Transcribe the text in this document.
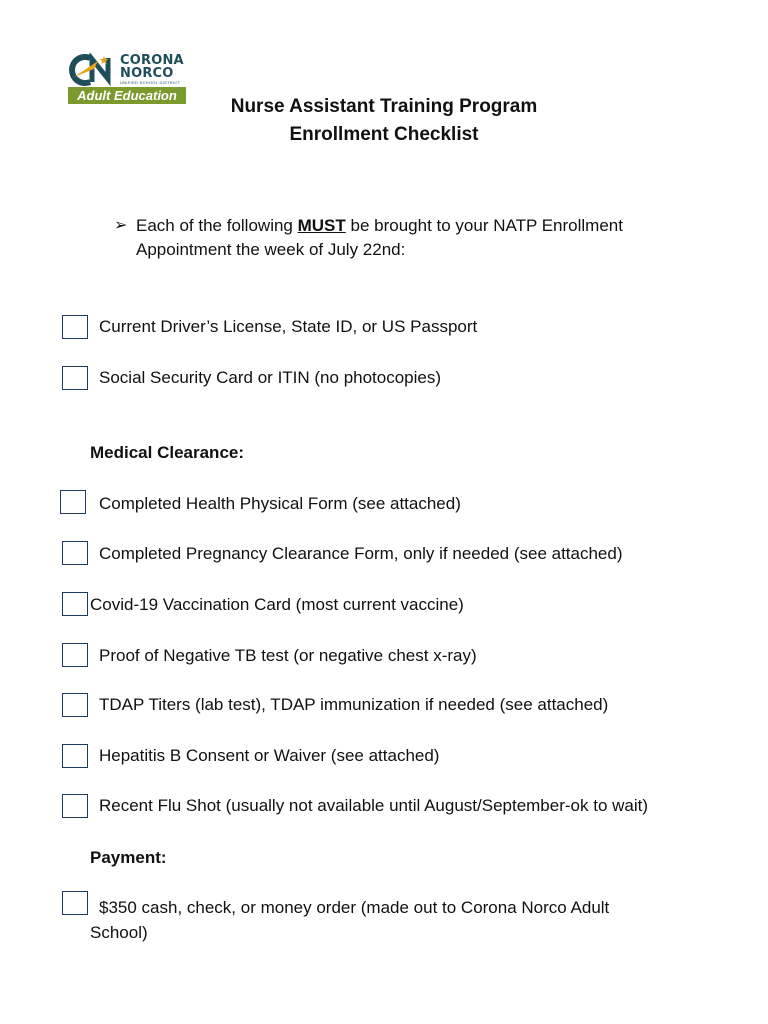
CORONA
NORCO
UNIFIED SCHOOL DISTRICT
Adult Education
Nurse Assistant Training Program
Enrollment Checklist
➢ Each of the following MUST be brought to your NATP Enrollment Appointment the week of July 22nd:
Current Driver’s License, State ID, or US Passport
Social Security Card or ITIN (no photocopies)
Medical Clearance:
Completed Health Physical Form (see attached)
Completed Pregnancy Clearance Form, only if needed (see attached)
Covid-19 Vaccination Card (most current vaccine)
Proof of Negative TB test (or negative chest x-ray)
TDAP Titers (lab test), TDAP immunization if needed (see attached)
Hepatitis B Consent or Waiver (see attached)
Recent Flu Shot (usually not available until August/September-ok to wait)
Payment:
$350 cash, check, or money order (made out to Corona Norco Adult
School)
